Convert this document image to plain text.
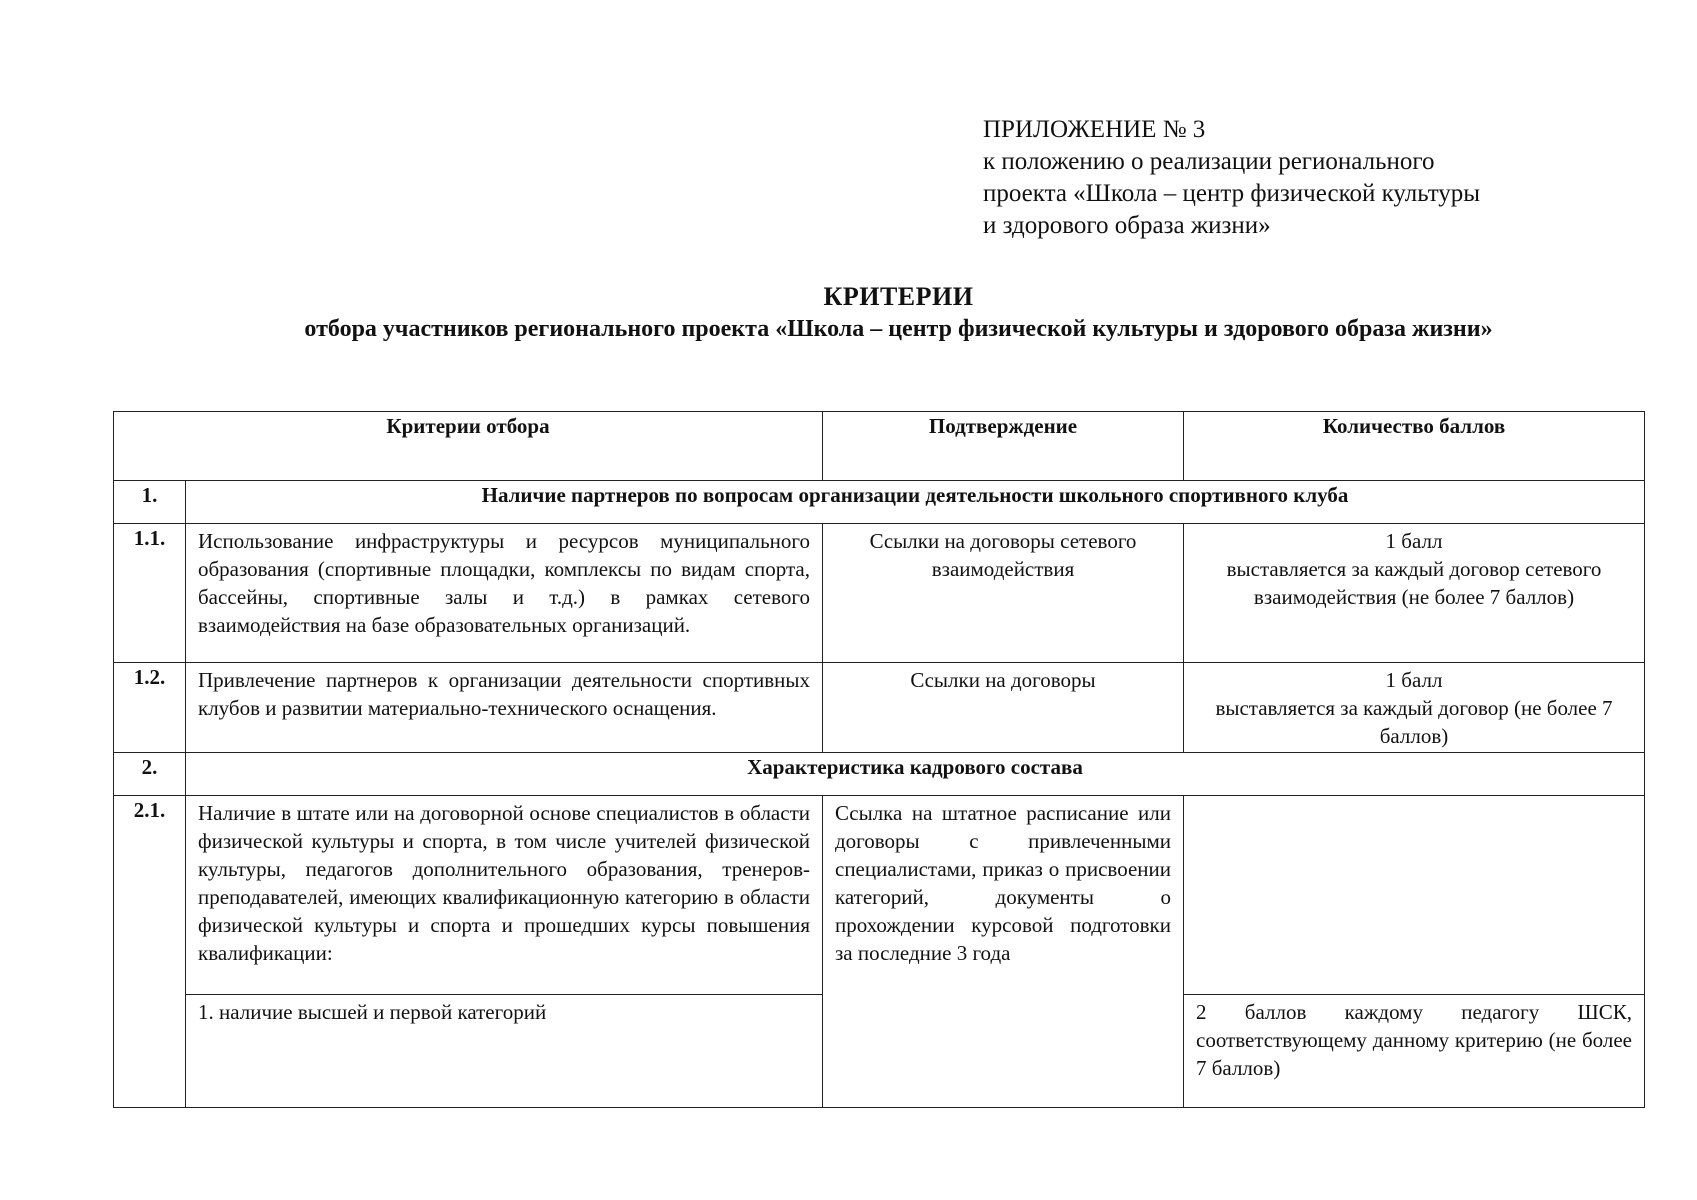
ПРИЛОЖЕНИЕ № 3
к положению о реализации регионального
проекта «Школа – центр физической культуры
и здорового образа жизни»
КРИТЕРИИ
отбора участников регионального проекта «Школа – центр физической культуры и здорового образа жизни»
Критерии отбора		Подтверждение	Количество баллов
1.	Наличие партнеров по вопросам организации деятельности школьного спортивного клуба		
1.1.	Использование инфраструктуры и ресурсов муниципального образования (спортивные площадки, комплексы по видам спорта, бассейны, спортивные залы и т.д.) в рамках сетевого взаимодействия на базе образовательных организаций.	Ссылки на договоры сетевого взаимодействия	1 балл
выставляется за каждый договор сетевого взаимодействия (не более 7 баллов)

1.2.	Привлечение партнеров к организации деятельности спортивных клубов и развитии материально-технического оснащения.	Ссылки на договоры	1 балл
выставляется за каждый договор (не более 7 баллов)

2.	Характеристика кадрового состава		
2.1.	Наличие в штате или на договорной основе специалистов в области физической культуры и спорта, в том числе учителей физической культуры, педагогов дополнительного образования, тренеров-преподавателей, имеющих квалификационную категорию в области физической культуры и спорта и прошедших курсы повышения квалификации:	Ссылка на штатное расписание или договоры с привлеченными специалистами, приказ о присвоении категорий, документы о прохождении курсовой подготовки за последние 3 года	

	1. наличие высшей и первой категорий		2 баллов каждому педагогу ШСК, соответствующему данному критерию (не более 7 баллов)
